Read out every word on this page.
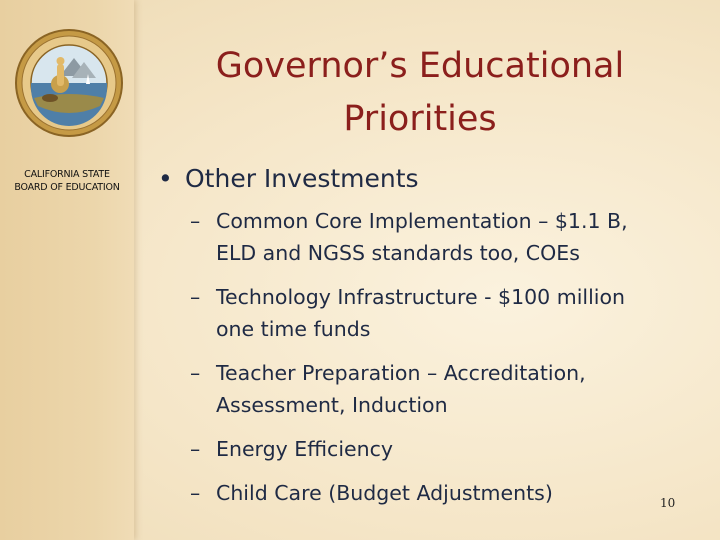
CALIFORNIA STATE
BOARD OF EDUCATION
Governor’s Educational
Priorities
• Other Investments
– Common Core Implementation – $1.1 B,
ELD and NGSS standards too, COEs
– Technology Infrastructure - $100 million
one time funds
– Teacher Preparation – Accreditation,
Assessment, Induction
– Energy Efficiency
– Child Care (Budget Adjustments)	10
